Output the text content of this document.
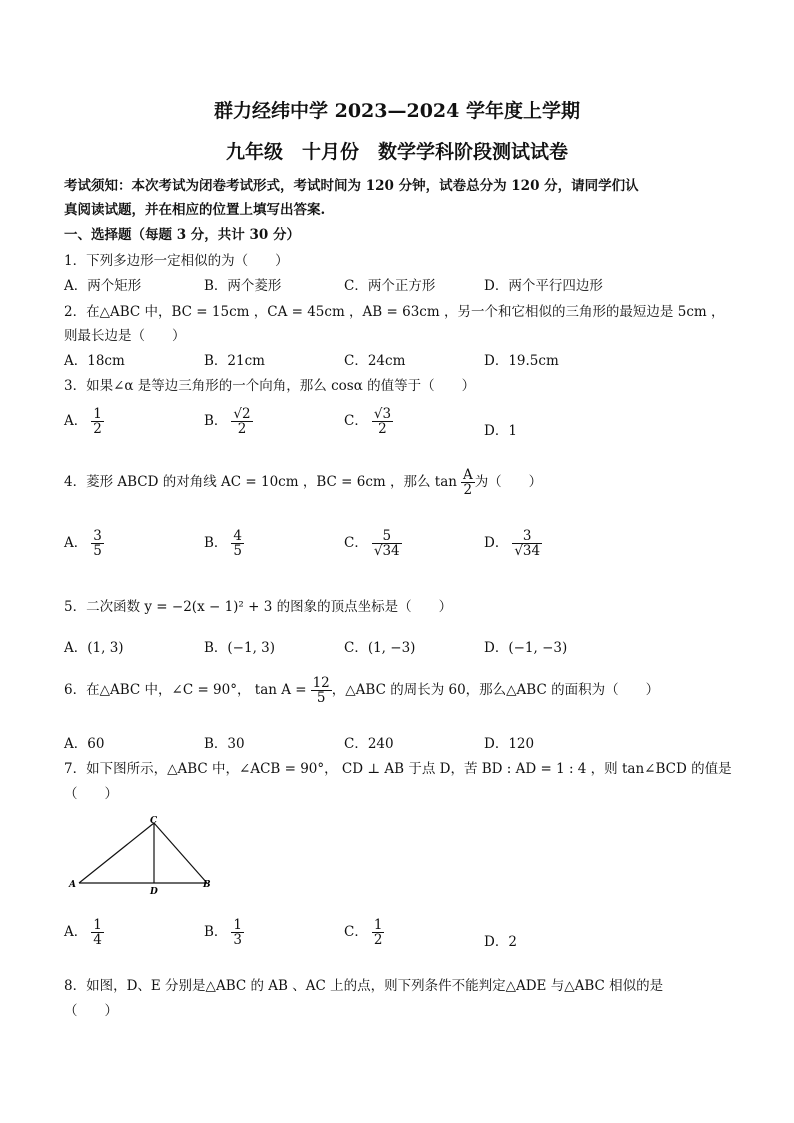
群力经纬中学 2023—2024 学年度上学期
九年级　十月份　数学学科阶段测试试卷
考试须知：本次考试为闭卷考试形式，考试时间为 120 分钟，试卷总分为 120 分，请同学们认
真阅读试题，并在相应的位置上填写出答案.
一、选择题（每题 3 分，共计 30 分）
1．下列多边形一定相似的为（　　）
A．两个矩形	B．两个菱形	C．两个正方形	D．两个平行四边形
2．在△ABC 中，BC = 15cm ，CA = 45cm ，AB = 63cm ，另一个和它相似的三角形的最短边是 5cm ，
则最长边是（　　）
A．18cm	B．21cm	C．24cm	D．19.5cm
3．如果∠α 是等边三角形的一个向角，那么 cosα 的值等于（　　）
A． $\frac{1}{2}$	B． $\frac{√2}{2}$	C． $\frac{√3}{2}$	D．1
4．菱形 ABCD 的对角线 AC = 10cm ，BC = 6cm ，那么 $\tan \frac{A}{2}$ 为（　　）
A． $\frac{3}{5}$	B． $\frac{4}{5}$	C． $\frac{5}{√34}$	D． $\frac{3}{√34}$
5．二次函数 y = −2(x − 1)² + 3 的图象的顶点坐标是（　　）
A．(1, 3)	B．(−1, 3)	C．(1, −3)	D．(−1, −3)
6．在△ABC 中，∠C = 90°， $\tan A = \frac{12}{5}$ ，△ABC 的周长为 60，那么△ABC 的面积为（　　）
A．60	B．30	C．240	D．120
7．如下图所示，△ABC 中，∠ACB = 90°， CD ⊥ AB 于点 D，苦 BD : AD = 1 : 4 ，则 tan∠BCD 的值是
（　　）
C
A
D
B
A． $\frac{1}{4}$	B． $\frac{1}{3}$	C． $\frac{1}{2}$	D．2
8．如图，D、E 分别是△ABC 的 AB 、AC 上的点，则下列条件不能判定△ADE 与△ABC 相似的是
（　　）
